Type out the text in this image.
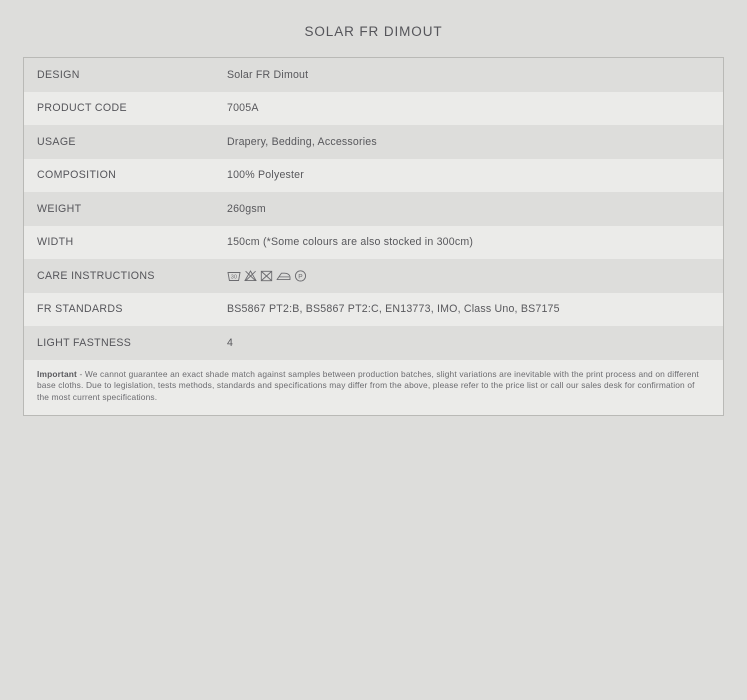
SOLAR FR DIMOUT
DESIGN	Solar FR Dimout
PRODUCT CODE	7005A
USAGE	Drapery, Bedding, Accessories
COMPOSITION	100% Polyester
WEIGHT	260gsm
WIDTH	150cm (*Some colours are also stocked in 300cm)
CARE INSTRUCTIONS	30 P

FR STANDARDS	BS5867 PT2:B, BS5867 PT2:C, EN13773, IMO, Class Uno, BS7175
LIGHT FASTNESS	4
Important - We cannot guarantee an exact shade match against samples between production batches, slight variations are inevitable with the print process and on different base cloths. Due to legislation, tests methods, standards and specifications may differ from the above, please refer to the price list or call our sales desk for confirmation of the most current specifications.
